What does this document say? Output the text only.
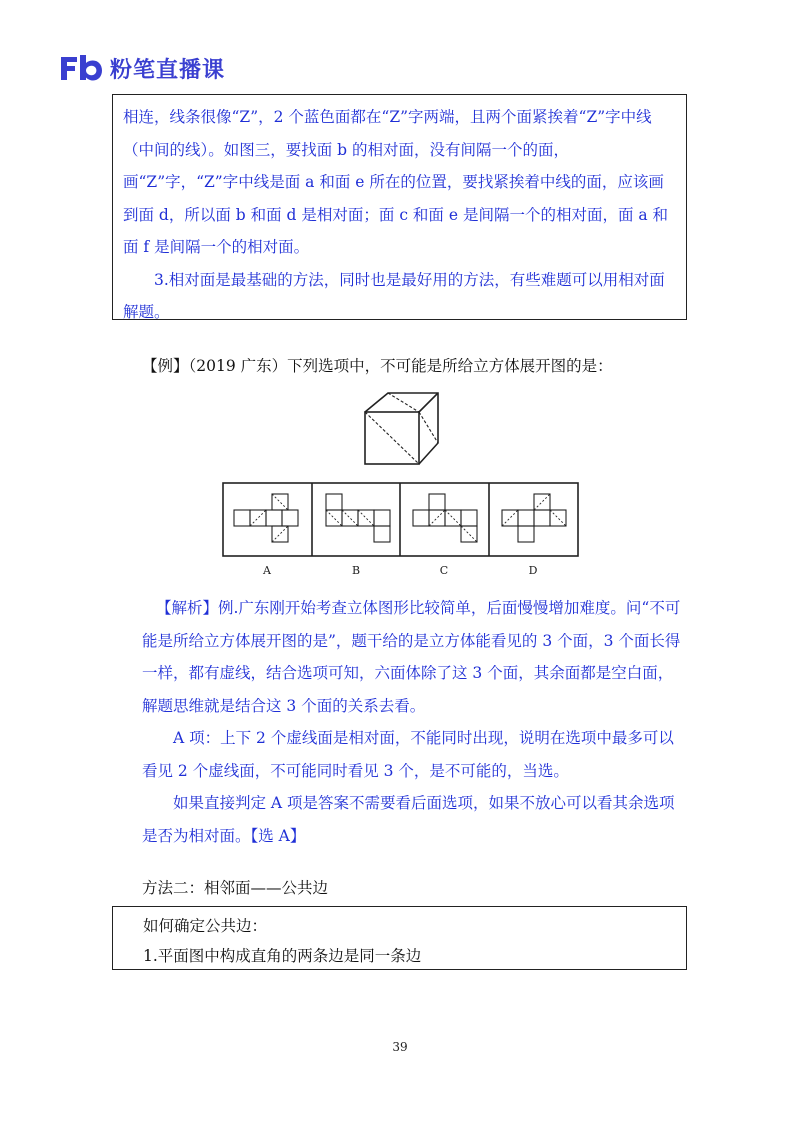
粉笔直播课

相连，线条很像“Z”，2 个蓝色面都在“Z”字两端，且两个面紧挨着“Z”字中线（中间的线）。如图三，要找面 b 的相对面，没有间隔一个的面，画“Z”字，“Z”字中线是面 a 和面 e 所在的位置，要找紧挨着中线的面，应该画到面 d，所以面 b 和面 d 是相对面；面 c 和面 e 是间隔一个的相对面，面 a 和面 f 是间隔一个的相对面。

3.相对面是最基础的方法，同时也是最好用的方法，有些难题可以用相对面解题。

【例】（2019 广东）下列选项中，不可能是所给立方体展开图的是：

A	B	C	D

【解析】例.广东刚开始考查立体图形比较简单，后面慢慢增加难度。问“不可能是所给立方体展开图的是”，题干给的是立方体能看见的 3 个面，3 个面长得一样，都有虚线，结合选项可知，六面体除了这 3 个面，其余面都是空白面，解题思维就是结合这 3 个面的关系去看。

A 项：上下 2 个虚线面是相对面，不能同时出现，说明在选项中最多可以看见 2 个虚线面，不可能同时看见 3 个，是不可能的，当选。

如果直接判定 A 项是答案不需要看后面选项，如果不放心可以看其余选项是否为相对面。【选 A】

方法二：相邻面——公共边

如何确定公共边：

1.平面图中构成直角的两条边是同一条边

39
